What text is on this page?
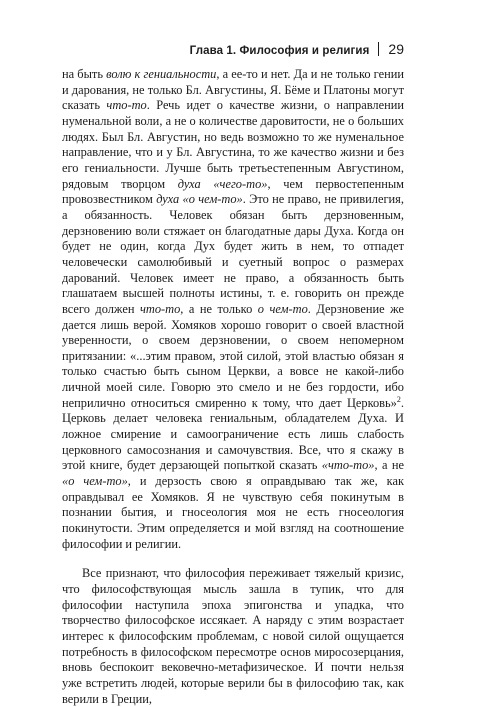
Глава 1. Философия и религия 29

на быть волю к гениальности, а ее-то и нет. Да и не только гении и дарования, не только Бл. Августины, Я. Бёме и Платоны могут сказать что-то. Речь идет о качестве жизни, о направлении нуменальной воли, а не о количестве даровитости, не о больших людях. Был Бл. Августин, но ведь возможно то же нуменальное направление, что и у Бл. Августина, то же качество жизни и без его гениальности. Лучше быть третьестепенным Августином, рядовым творцом духа «чего-то», чем первостепенным провозвестником духа «о чем-то». Это не право, не привилегия, а обязанность. Человек обязан быть дерзновенным, дерзновению воли стяжает он благодатные дары Духа. Когда он будет не один, когда Дух будет жить в нем, то отпадет человечески самолюбивый и суетный вопрос о размерах дарований. Человек имеет не право, а обязанность быть глашатаем высшей полноты истины, т. е. говорить он прежде всего должен что-то, а не только о чем-то. Дерзновение же дается лишь верой. Хомяков хорошо говорит о своей властной уверенности, о своем дерзновении, о своем непомерном притязании: «...этим правом, этой силой, этой властью обязан я только счастью быть сыном Церкви, а вовсе не какой-либо личной моей силе. Говорю это смело и не без гордости, ибо неприлично относиться смиренно к тому, что дает Церковь»$^2$. Церковь делает человека гениальным, обладателем Духа. И ложное смирение и самоограничение есть лишь слабость церковного самосознания и самочувствия. Все, что я скажу в этой книге, будет дерзающей попыткой сказать «что-то», а не «о чем-то», и дерзость свою я оправдываю так же, как оправдывал ее Хомяков. Я не чувствую себя покинутым в познании бытия, и гносеология моя не есть гносеология покинутости. Этим определяется и мой взгляд на соотношение философии и религии.

Все признают, что философия переживает тяжелый кризис, что философствующая мысль зашла в тупик, что для философии наступила эпоха эпигонства и упадка, что творчество философское иссякает. А наряду с этим возрастает интерес к философским проблемам, с новой силой ощущается потребность в философском пересмотре основ миросозерцания, вновь беспокоит вековечно-метафизическое. И почти нельзя уже встретить людей, которые верили бы в философию так, как верили в Греции,
